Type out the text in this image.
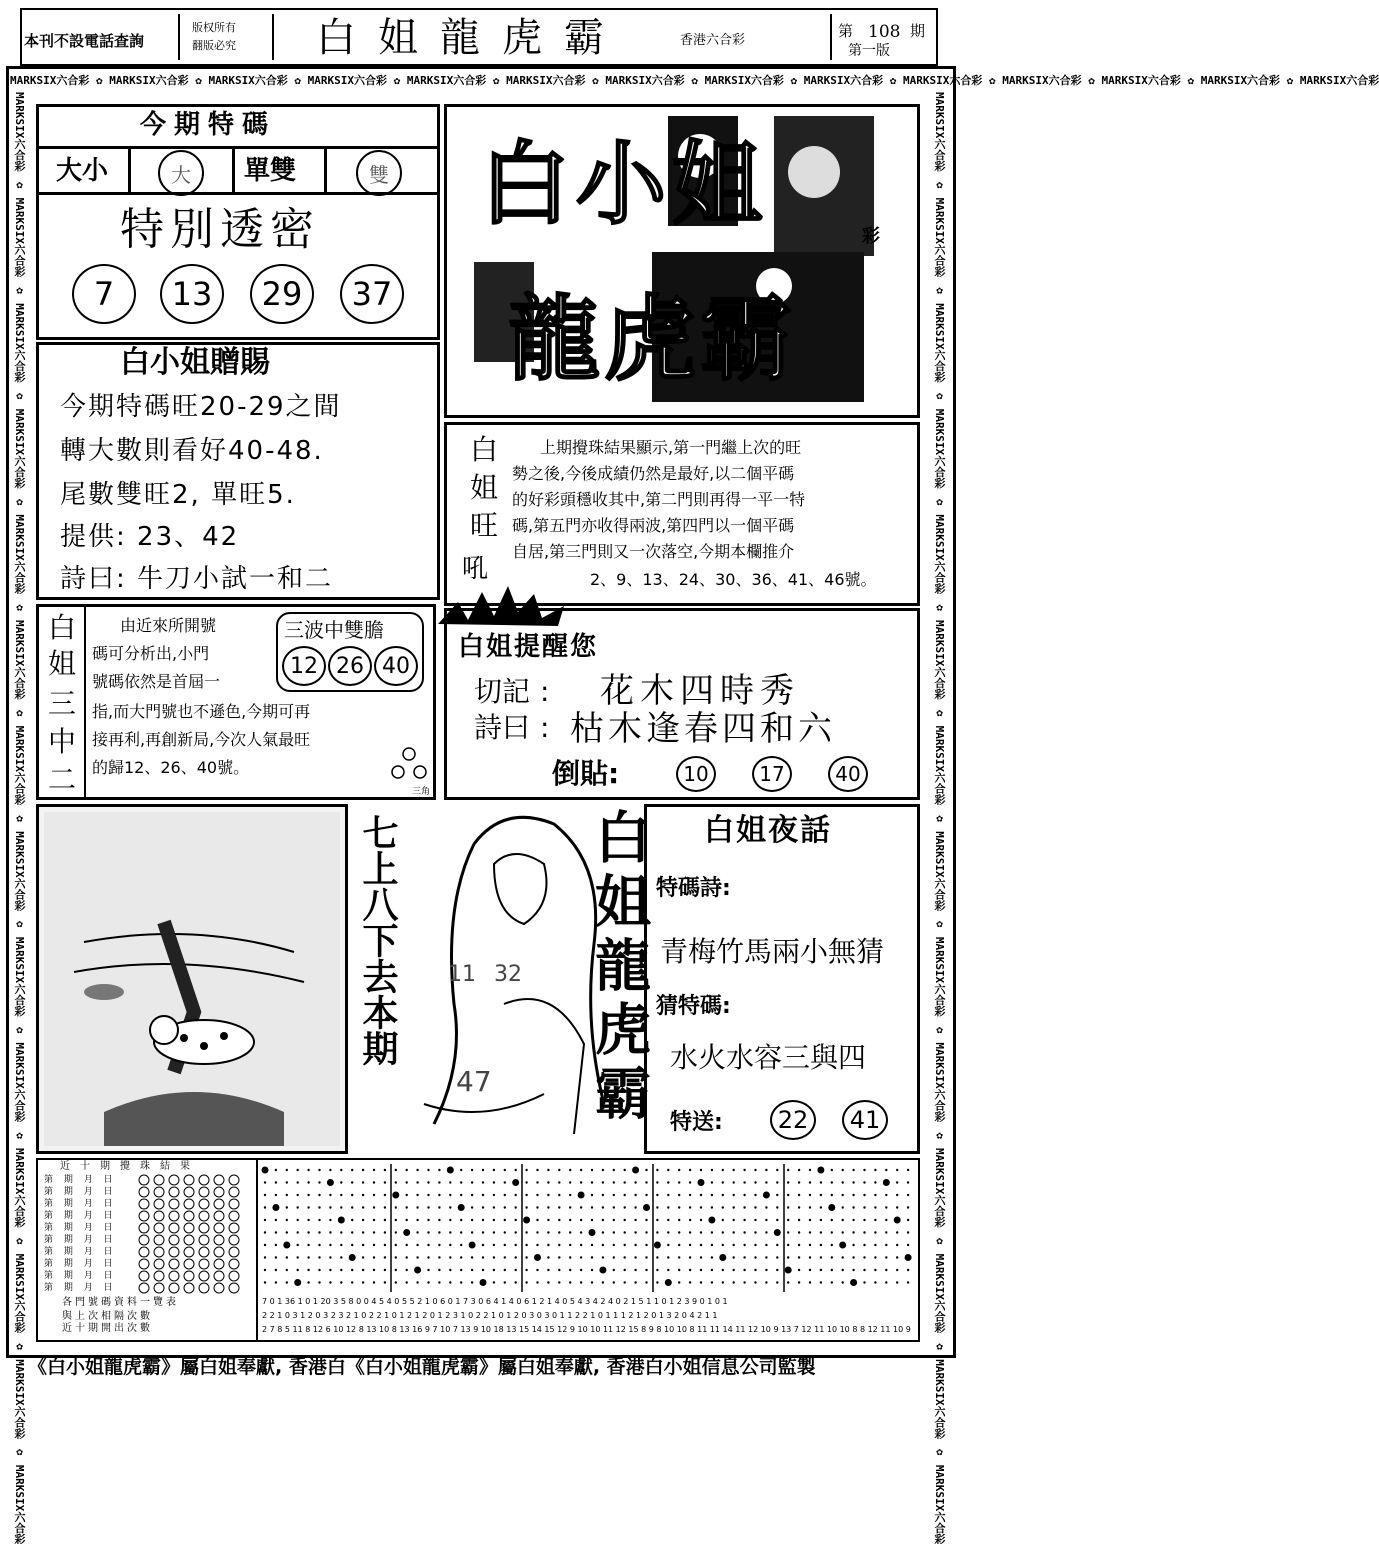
本刊不設電話查詢
版权所有
翻版必究 白姐龍虎霸	香港六合彩
第 108 期
第一版
MARKSIX六合彩 ✿ MARKSIX六合彩 ✿ MARKSIX六合彩 ✿ MARKSIX六合彩 ✿ MARKSIX六合彩 ✿ MARKSIX六合彩 ✿ MARKSIX六合彩 ✿ MARKSIX六合彩 ✿ MARKSIX六合彩 ✿ MARKSIX六合彩 ✿ MARKSIX六合彩 ✿ MARKSIX六合彩 ✿ MARKSIX六合彩 ✿ MARKSIX六合彩
MARKSIX六合彩 ✿ MARKSIX六合彩 ✿ MARKSIX六合彩 ✿ MARKSIX六合彩 ✿ MARKSIX六合彩 ✿ MARKSIX六合彩 ✿ MARKSIX六合彩 ✿ MARKSIX六合彩 ✿ MARKSIX六合彩 ✿ MARKSIX六合彩 ✿ MARKSIX六合彩 ✿ MARKSIX六合彩 ✿ MARKSIX六合彩 ✿ MARKSIX六合彩	MARKSIX六合彩 ✿ MARKSIX六合彩 ✿ MARKSIX六合彩 ✿ MARKSIX六合彩 ✿ MARKSIX六合彩 ✿ MARKSIX六合彩 ✿ MARKSIX六合彩 ✿ MARKSIX六合彩 ✿ MARKSIX六合彩 ✿ MARKSIX六合彩 ✿ MARKSIX六合彩 ✿ MARKSIX六合彩 ✿ MARKSIX六合彩 ✿ MARKSIX六合彩
今期特碼
大小	大 單雙	雙
特別透密
7 13 29 37
白小姐贈賜
今期特碼旺20-29之間
轉大數則看好40-48.
尾數雙旺2, 單旺5.
提供: 23、42
詩曰: 牛刀小試一和二
白小姐
龍虎霸
彩
白
姐
旺
吼
上期攪珠結果顯示,第一門繼上次的旺
勢之後,今後成績仍然是最好,以二個平碼
的好彩頭穩收其中,第二門則再得一平一特
碼,第五門亦收得兩波,第四門以一個平碼
自居,第三門則又一次落空,今期本欄推介
2、9、13、24、30、36、41、46號。
白
姐
三
中
二
由近來所開號
碼可分析出,小門
號碼依然是首屆一
指,而大門號也不遜色,今期可再
接再利,再創新局,今次人氣最旺
的歸12、26、40號。
三波中雙膽
12 26 40
三角
白姐提醒您
切記 : 花木四時秀
詩曰 : 枯木逢春四和六
倒貼:	10	17	40
七上八下去本期 11 32
47 白姐龍虎霸 白姐夜話
特碼詩:
青梅竹馬兩小無猜
猜特碼:
水火水容三與四
特送: 22 41
近十期攪珠結果
第 期 月 日
第 期 月 日
第 期 月 日
第 期 月 日
第 期 月 日
第 期 月 日
第 期 月 日
第 期 月 日
第 期 月 日
第 期 月 日
各門號碼資料一覽表
與上次相隔次數
近十期開出次數
7 0 1 36 1 0 1 20 3 5 8 0 0 4 5 4 0 5 5 2 1 0 6 0 1 7 3 0 6 4 1 4 0 6 1 2 1 4 0 5 4 3 4 2 4 0 2 1 5 1 1 0 1 2 3 9 0 1 0 1
2 2 1 0 3 1 2 0 3 2 3 2 1 0 2 2 1 0 1 2 1 2 0 1 2 3 1 0 2 2 1 0 1 2 0 3 0 3 0 1 1 2 2 1 0 1 1 1 2 1 2 0 1 3 2 0 4 2 1 1
2 7 8 5 11 8 12 6 10 12 8 13 10 8 13 16 9 7 10 7 13 9 10 18 13 15 14 15 12 9 10 10 11 12 15 8 9 8 10 10 8 11 11 14 11 12 10 9 13 7 12 11 10 10 8 8 12 11 10 9
《白小姐龍虎霸》屬白姐奉獻, 香港白《白小姐龍虎霸》屬白姐奉獻, 香港白小姐信息公司監製
